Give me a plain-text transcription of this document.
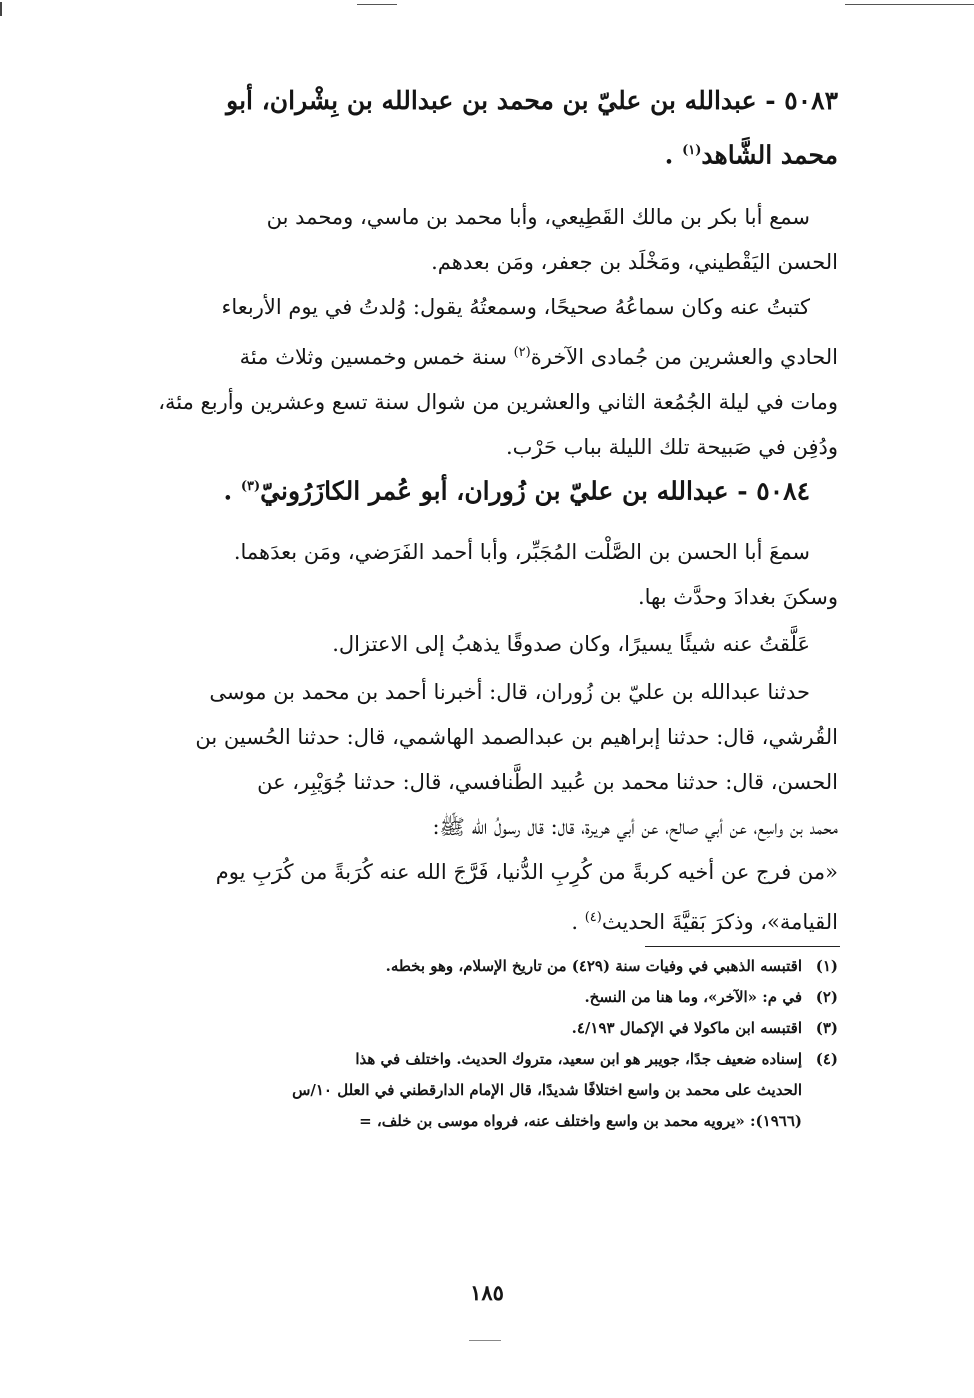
٥٠٨٣ - عبدالله بن عليّ بن محمد بن عبدالله بن بِشْران، أبو
محمد الشَّاهد$^{(١)}$ .
سمع أبا بكر بن مالك القَطِيعي، وأبا محمد بن ماسي، ومحمد بن
الحسن اليَقْطيني، ومَخْلَد بن جعفر، ومَن بعدهم.
كتبتُ عنه وكان سماعُهُ صحيحًا، وسمعتُهُ يقول: وُلدتُ في يوم الأربعاء
الحادي والعشرين من جُمادى الآخرة$^{(٢)}$ سنة خمس وخمسين وثلاث مئة
ومات في ليلة الجُمُعة الثاني والعشرين من شوال سنة تسع وعشرين وأربع مئة،
ودُفِن في صَبيحة تلك الليلة بباب حَرْب.
٥٠٨٤ - عبدالله بن عليّ بن زُوران، أبو عُمر الكازَرُونيّ$^{(٣)}$ .
سمعَ أبا الحسن بن الصَّلْت المُجَبِّر، وأبا أحمد الفَرَضي، ومَن بعدَهما.
وسكنَ بغدادَ وحدَّث بها.
عَلَّقتُ عنه شيئًا يسيرًا، وكان صدوقًا يذهبُ إلى الاعتزال.
حدثنا عبدالله بن عليّ بن زُوران، قال: أخبرنا أحمد بن محمد بن موسى
القُرشي، قال: حدثنا إبراهيم بن عبدالصمد الهاشمي، قال: حدثنا الحُسين بن
الحسن، قال: حدثنا محمد بن عُبيد الطَّنافسي، قال: حدثنا جُوَيْبِر، عن
محمد بن واسِع، عن أبي صالح، عن أبي هريرة، قال: قال رسولُ الله ﷺ:
«من فرج عن أخيه كربةً من كُرِبِ الدُّنيا، فَرَّجَ الله عنه كُرَبةً من كُرَبِ يوم
القيامة»، وذكرَ بَقيَّةَ الحديث$^{(٤)}$ .
(١)اقتبسه الذهبي في وفيات سنة (٤٢٩) من تاريخ الإسلام، وهو بخطه.
(٢)في م: «الآخر»، وما هنا من النسخ.
(٣)اقتبسه ابن ماكولا في الإكمال ٤/١٩٣.
(٤)إسناده ضعيف جدًا، جويبر هو ابن سعيد، متروك الحديث. واختلف في هذا
الحديث على محمد بن واسع اختلافًا شديدًا، قال الإمام الدارقطني في العلل ١٠/س
(١٩٦٦): «يرويه محمد بن واسع واختلف عنه، فرواه موسى بن خلف، =
١٨٥
